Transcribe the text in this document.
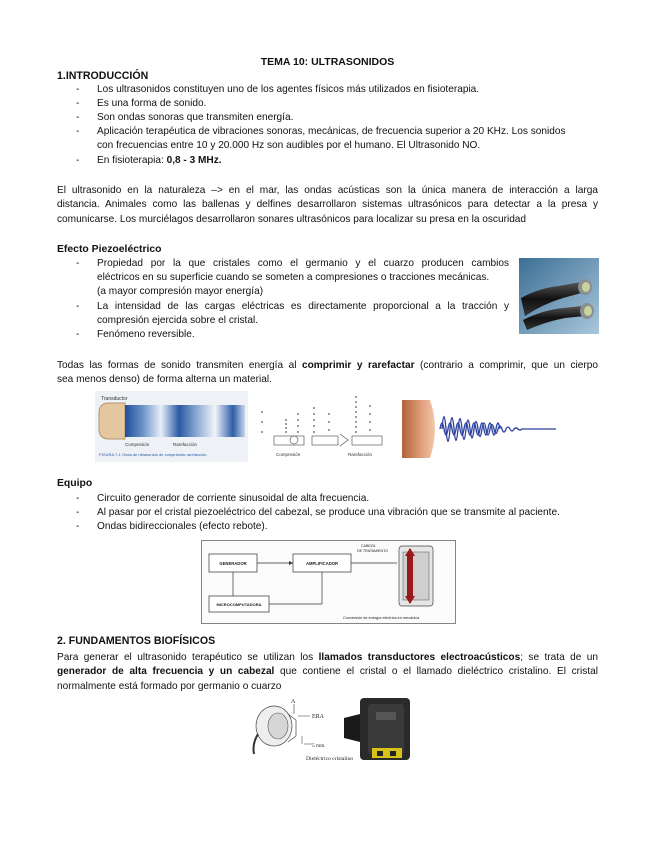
TEMA 10: ULTRASONIDOS
1.INTRODUCCIÓN
- Los ultrasonidos constituyen uno de los agentes físicos más utilizados en fisioterapia.
- Es una forma de sonido.
- Son ondas sonoras que transmiten energía.
- Aplicación terapéutica de vibraciones sonoras, mecánicas, de frecuencia superior a 20 KHz. Los sonidos
con frecuencias entre 10 y 20.000 Hz son audibles por el humano. El Ultrasonido NO.
- En fisioterapia: 0,8 - 3 MHz.
El ultrasonido en la naturaleza –> en el mar, las ondas acústicas son la única manera de interacción a larga
distancia. Animales como las ballenas y delfines desarrollaron sistemas ultrasónicos para detectar a la presa y
comunicarse. Los murciélagos desarrollaron sonares ultrasónicos para localizar su presa en la oscuridad
Efecto Piezoeléctrico
- Propiedad por la que cristales como el germanio y el cuarzo producen cambios
eléctricos en su superficie cuando se someten a compresiones o tracciones mecánicas.
(a mayor compresión mayor energía)
- La intensidad de las cargas eléctricas es directamente proporcional a la tracción y
compresión ejercida sobre el cristal.
- Fenómeno reversible.
Todas las formas de sonido transmiten energía al comprimir y rarefactar (contrario a comprimir, que un cierpo
sea menos denso) de forma alterna un material.
Transductor
Compresión	Rarefacción
FIGURA 7-1 Onda de ultrasonido de compresión-rarefacción.	Compresión	Rarefacción
Equipo
- Circuito generador de corriente sinusoidal de alta frecuencia.
- Al pasar por el cristal piezoeléctrico del cabezal, se produce una vibración que se transmite al paciente.
- Ondas bidireccionales (efecto rebote).
GENERADOR	AMPLIFICADOR
MICROCOMPUTADORA
CABEZA
DE TRATAMIENTO
Conversión de energía eléctrica en mecánica
2. FUNDAMENTOS BIOFÍSICOS
Para generar el ultrasonido terapéutico se utilizan los llamados transductores electroacústicos; se trata de un
generador de alta frecuencia y un cabezal que contiene el cristal o el llamado dieléctrico cristalino. El cristal
normalmente está formado por germanio o cuarzo
A
ERA
5 mm
Dieléctrico cristalino
